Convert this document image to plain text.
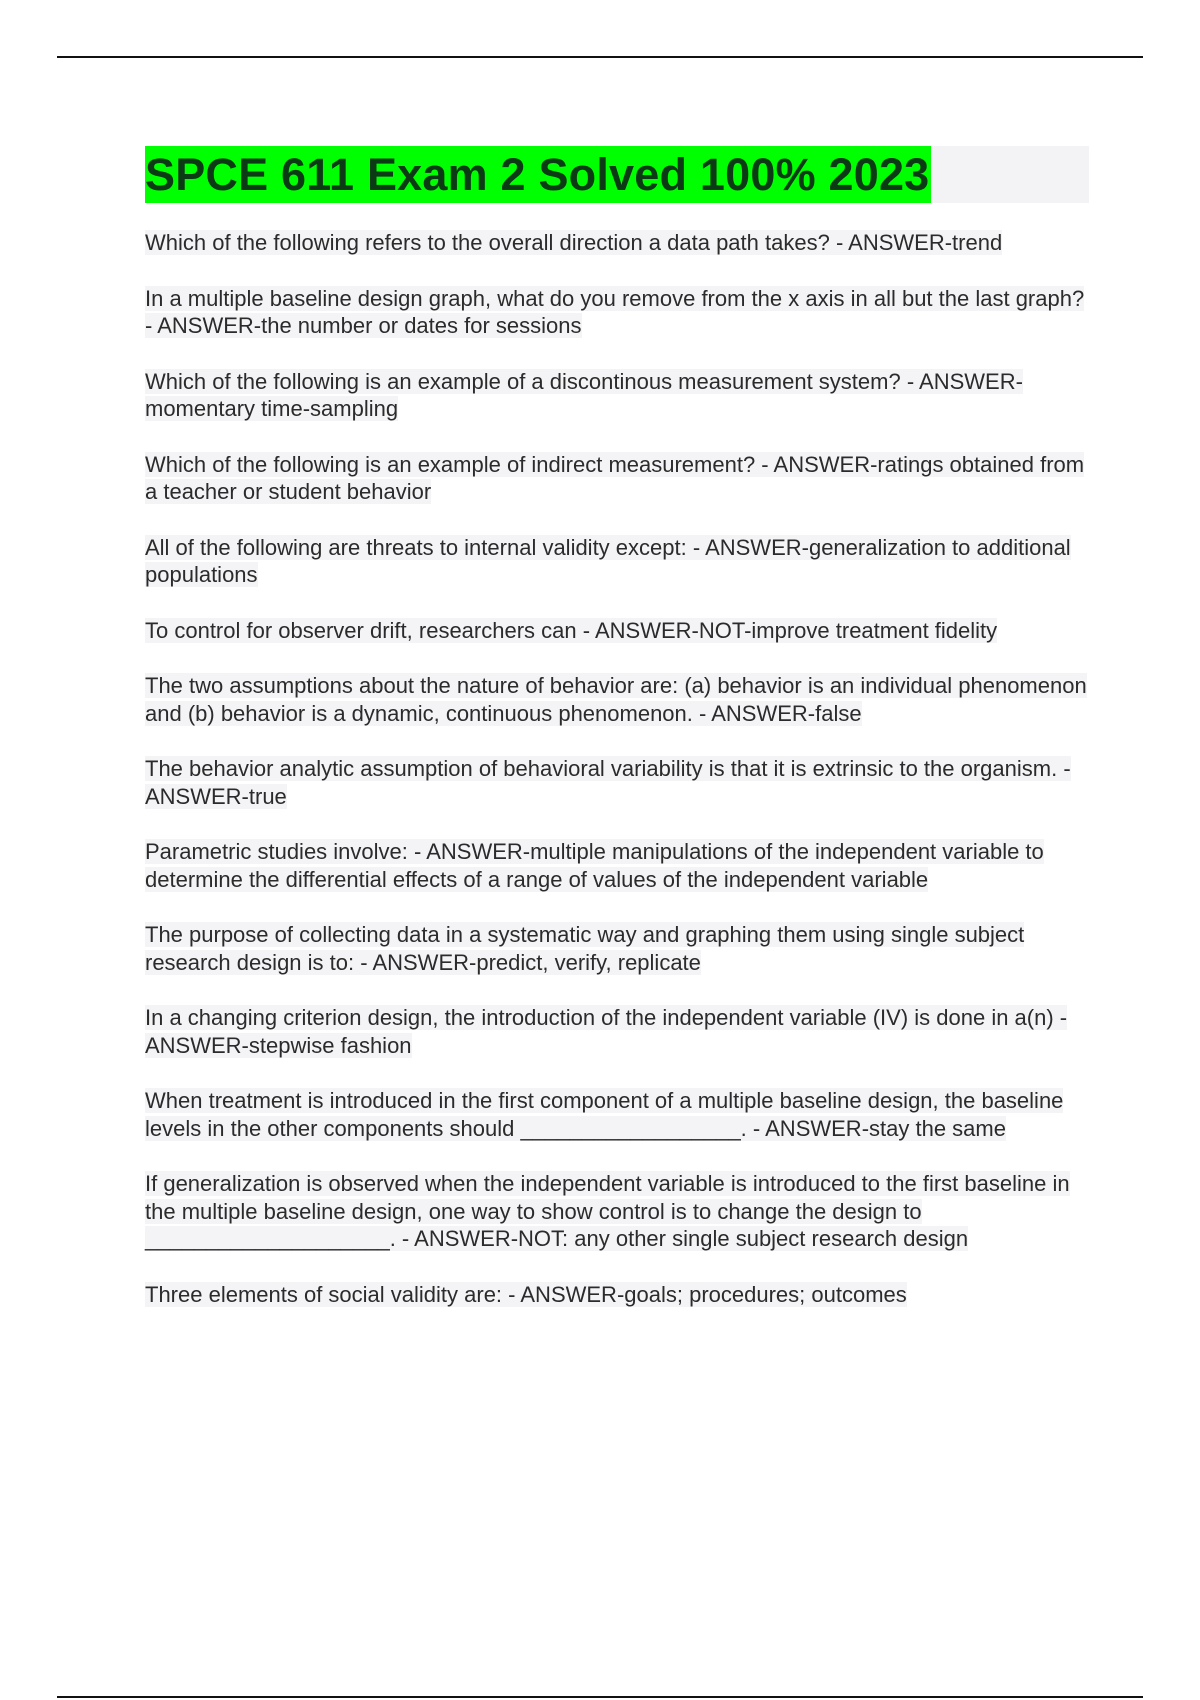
SPCE 611 Exam 2 Solved 100% 2023

Which of the following refers to the overall direction a data path takes? - ANSWER-trend

In a multiple baseline design graph, what do you remove from the x axis in all but the last graph? - ANSWER-the number or dates for sessions

Which of the following is an example of a discontinous measurement system? - ANSWER-momentary time-sampling

Which of the following is an example of indirect measurement? - ANSWER-ratings obtained from a teacher or student behavior

All of the following are threats to internal validity except: - ANSWER-generalization to additional populations

To control for observer drift, researchers can - ANSWER-NOT-improve treatment fidelity

The two assumptions about the nature of behavior are: (a) behavior is an individual phenomenon and (b) behavior is a dynamic, continuous phenomenon. - ANSWER-false

The behavior analytic assumption of behavioral variability is that it is extrinsic to the organism. - ANSWER-true

Parametric studies involve: - ANSWER-multiple manipulations of the independent variable to determine the differential effects of a range of values of the independent variable

The purpose of collecting data in a systematic way and graphing them using single subject research design is to: - ANSWER-predict, verify, replicate

In a changing criterion design, the introduction of the independent variable (IV) is done in a(n) - ANSWER-stepwise fashion

When treatment is introduced in the first component of a multiple baseline design, the baseline levels in the other components should __________________. - ANSWER-stay the same

If generalization is observed when the independent variable is introduced to the first baseline in the multiple baseline design, one way to show control is to change the design to ____________________. - ANSWER-NOT: any other single subject research design

Three elements of social validity are: - ANSWER-goals; procedures; outcomes
